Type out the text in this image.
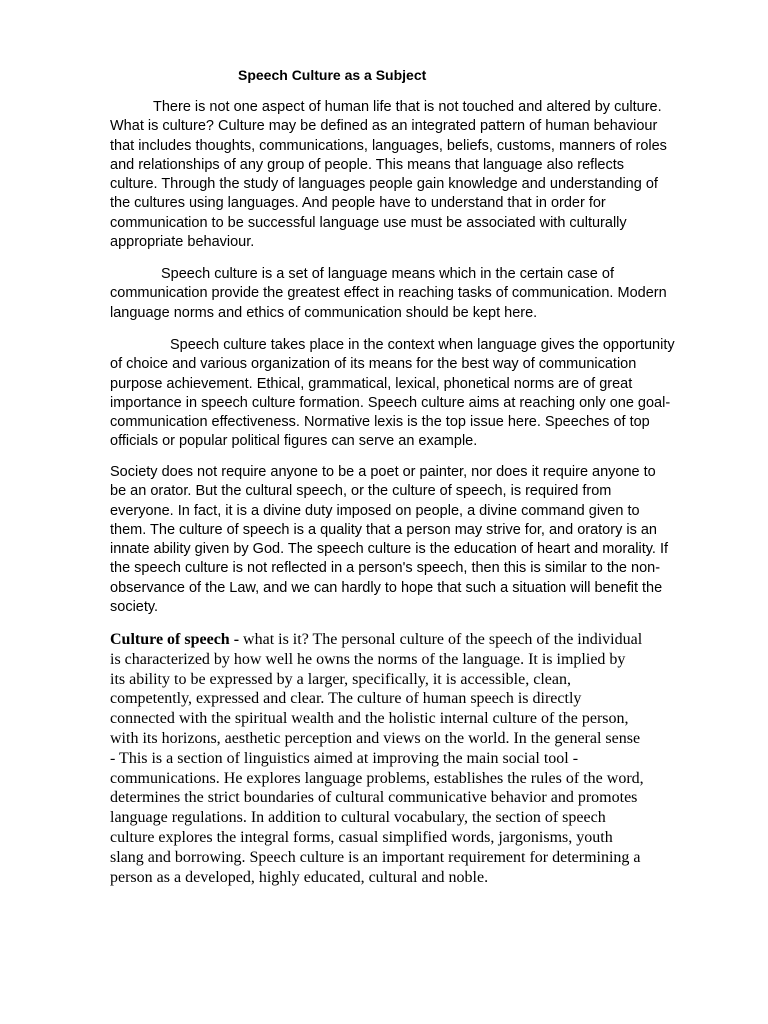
Speech Culture as a Subject

There is not one aspect of human life that is not touched and altered by culture.
What is culture? Culture may be defined as an integrated pattern of human behaviour
that includes thoughts, communications, languages, beliefs, customs, manners of roles
and relationships of any group of people. This means that language also reflects
culture. Through the study of languages people gain knowledge and understanding of
the cultures using languages. And people have to understand that in order for
communication to be successful language use must be associated with culturally
appropriate behaviour.

Speech culture is a set of language means which in the certain case of
communication provide the greatest effect in reaching tasks of communication. Modern
language norms and ethics of communication should be kept here.

Speech culture takes place in the context when language gives the opportunity
of choice and various organization of its means for the best way of communication
purpose achievement. Ethical, grammatical, lexical, phonetical norms are of great
importance in speech culture formation. Speech culture aims at reaching only one goal-
communication effectiveness. Normative lexis is the top issue here. Speeches of top
officials or popular political figures can serve an example.

Society does not require anyone to be a poet or painter, nor does it require anyone to
be an orator. But the cultural speech, or the culture of speech, is required from
everyone. In fact, it is a divine duty imposed on people, a divine command given to
them. The culture of speech is a quality that a person may strive for, and oratory is an
innate ability given by God. The speech culture is the education of heart and morality. If
the speech culture is not reflected in a person's speech, then this is similar to the non-
observance of the Law, and we can hardly to hope that such a situation will benefit the
society.

Culture of speech - what is it? The personal culture of the speech of the individual
is characterized by how well he owns the norms of the language. It is implied by
its ability to be expressed by a larger, specifically, it is accessible, clean,
competently, expressed and clear. The culture of human speech is directly
connected with the spiritual wealth and the holistic internal culture of the person,
with its horizons, aesthetic perception and views on the world. In the general sense
- This is a section of linguistics aimed at improving the main social tool -
communications. He explores language problems, establishes the rules of the word,
determines the strict boundaries of cultural communicative behavior and promotes
language regulations. In addition to cultural vocabulary, the section of speech
culture explores the integral forms, casual simplified words, jargonisms, youth
slang and borrowing. Speech culture is an important requirement for determining a
person as a developed, highly educated, cultural and noble.
